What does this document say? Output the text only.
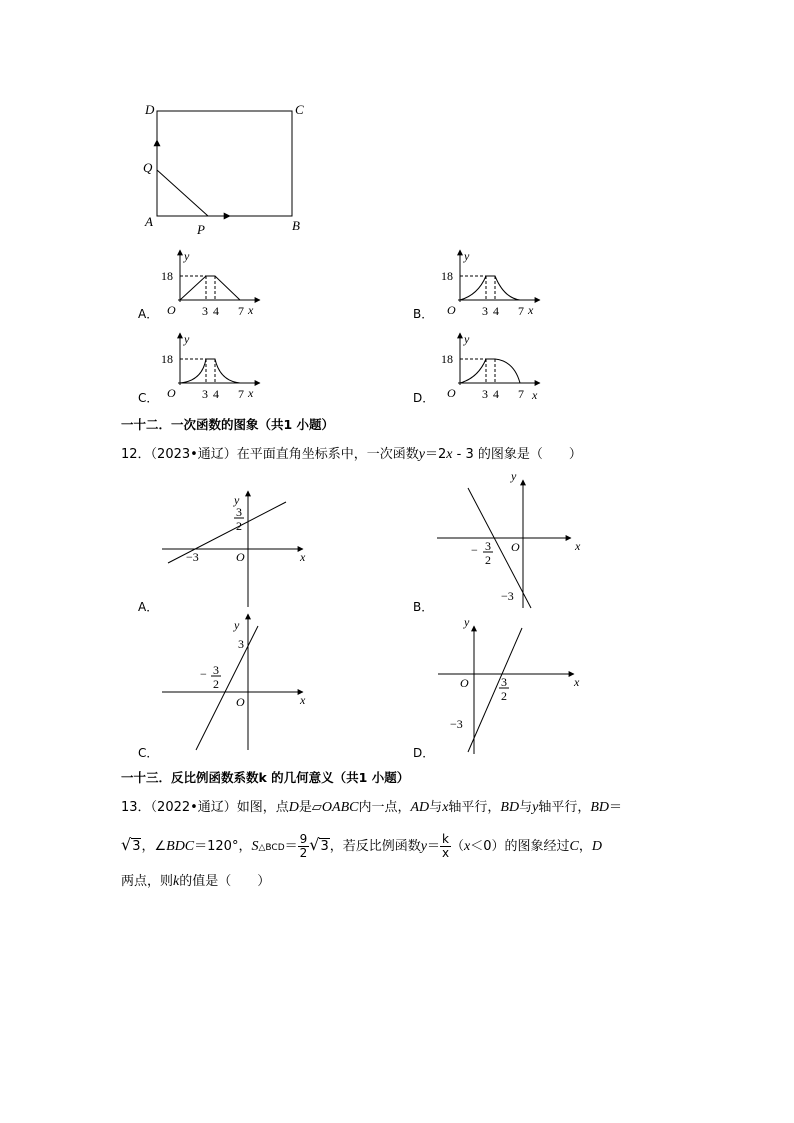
D	C
Q
A
P	B
18
3 4 7
O	x
y
18
3 4 7
O	x
y
18
3 4 7
O	x
y
18
3 4 7
O	x
y
A．	B．
C．	D．
一十二．一次函数的图象（共1 小题）
12．（2023•通辽）在平面直角坐标系中，一次函数y＝2x - 3 的图象是（　　）
3
2
−3	O	x
y
− 3
2
−3
O	x
y
− 3
2
3
O	x
y
3
2
−3
O	x
y
A．	B．
C．	D．
一十三．反比例函数系数k 的几何意义（共1 小题）
13．（2022•通辽）如图，点D是▱OABC内一点，AD与x轴平行，BD与y轴平行，BD＝
√3，∠BDC＝120°，S△BCD＝ $\frac{9}{2} √3$，若反比例函数$y= \frac{k}{x} (x<0)$的图象经过C，D
两点，则k的值是（　　）
